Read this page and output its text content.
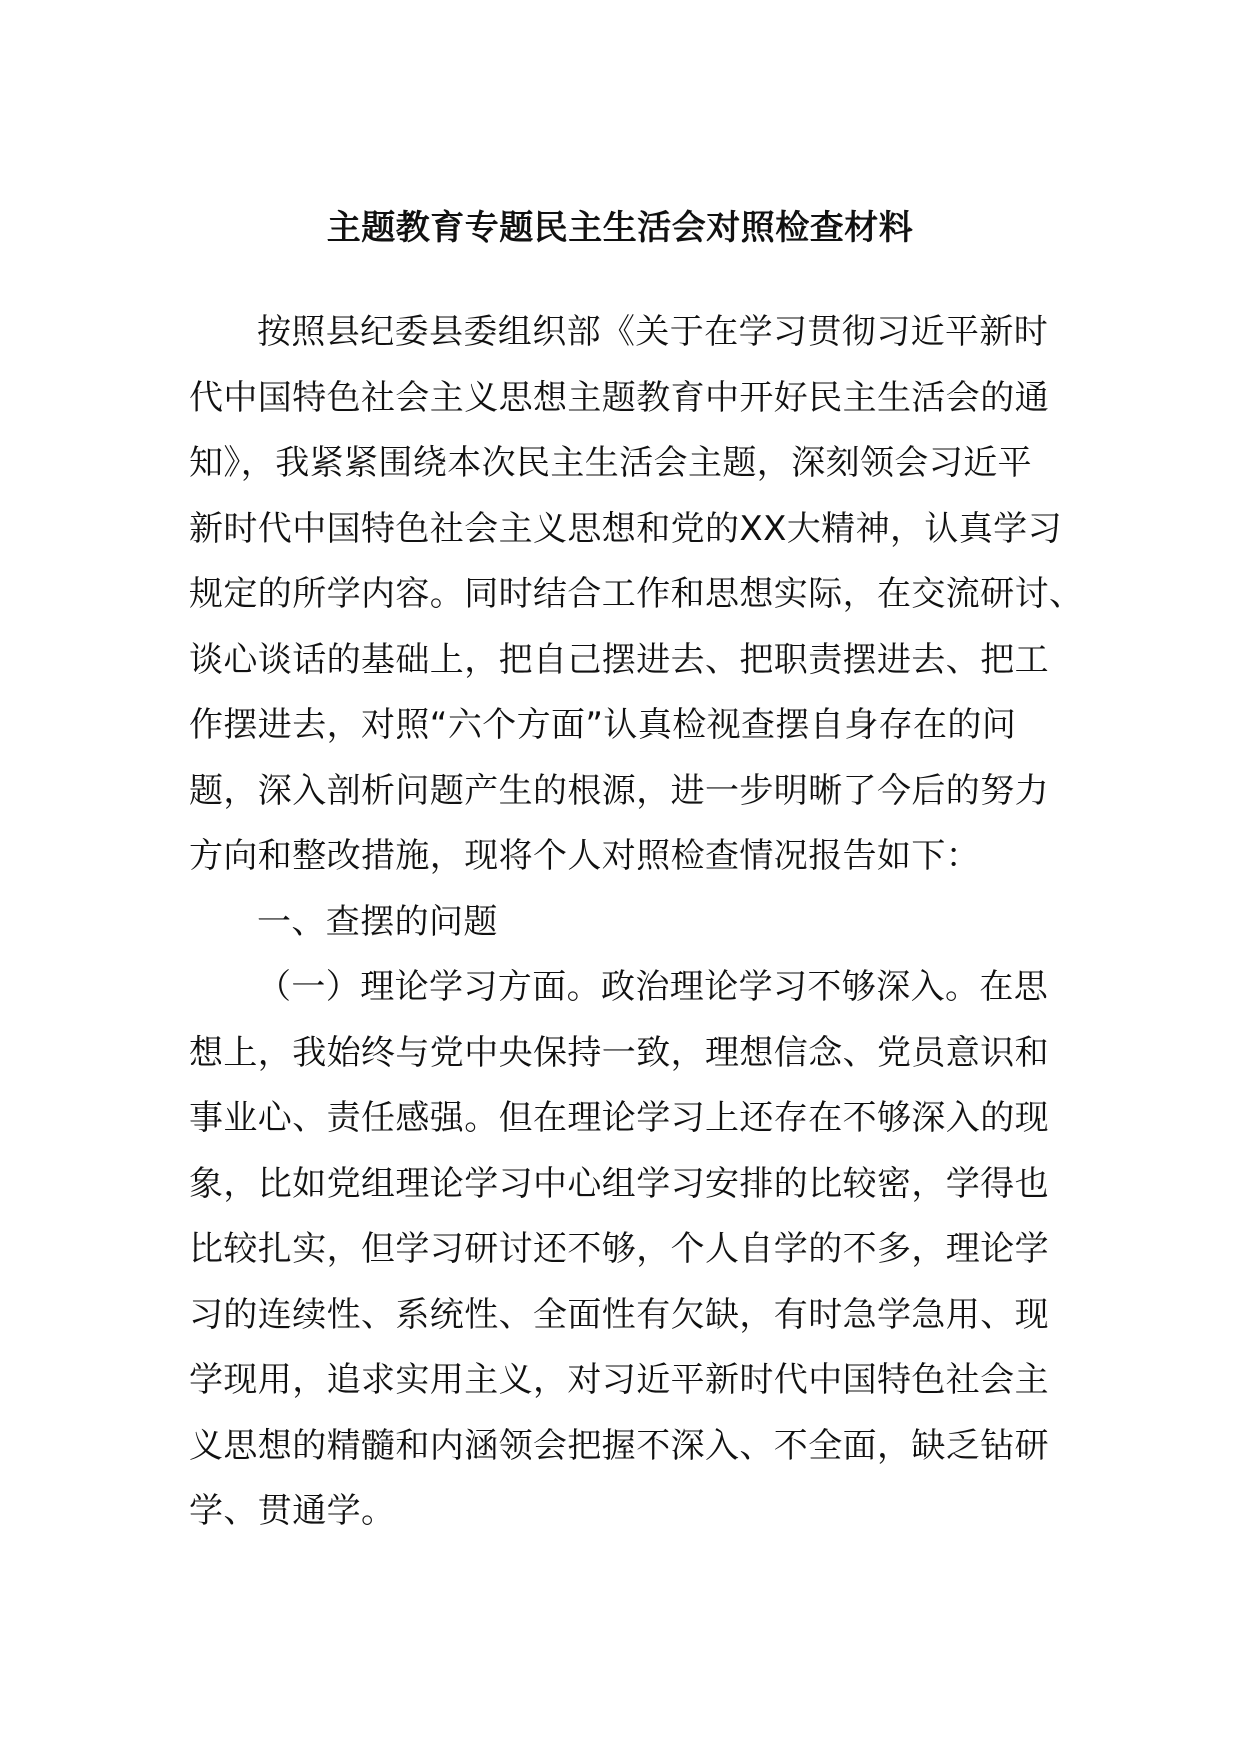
主题教育专题民主生活会对照检查材料
按照县纪委县委组织部《关于在学习贯彻习近平新时
代中国特色社会主义思想主题教育中开好民主生活会的通
知》，我紧紧围绕本次民主生活会主题，深刻领会习近平
新时代中国特色社会主义思想和党的XX大精神，认真学习
规定的所学内容。同时结合工作和思想实际，在交流研讨、
谈心谈话的基础上，把自己摆进去、把职责摆进去、把工
作摆进去，对照“六个方面”认真检视查摆自身存在的问
题，深入剖析问题产生的根源，进一步明晰了今后的努力
方向和整改措施，现将个人对照检查情况报告如下：
一、查摆的问题
（一）理论学习方面。政治理论学习不够深入。在思
想上，我始终与党中央保持一致，理想信念、党员意识和
事业心、责任感强。但在理论学习上还存在不够深入的现
象，比如党组理论学习中心组学习安排的比较密，学得也
比较扎实，但学习研讨还不够，个人自学的不多，理论学
习的连续性、系统性、全面性有欠缺，有时急学急用、现
学现用，追求实用主义，对习近平新时代中国特色社会主
义思想的精髓和内涵领会把握不深入、不全面，缺乏钻研
学、贯通学。
